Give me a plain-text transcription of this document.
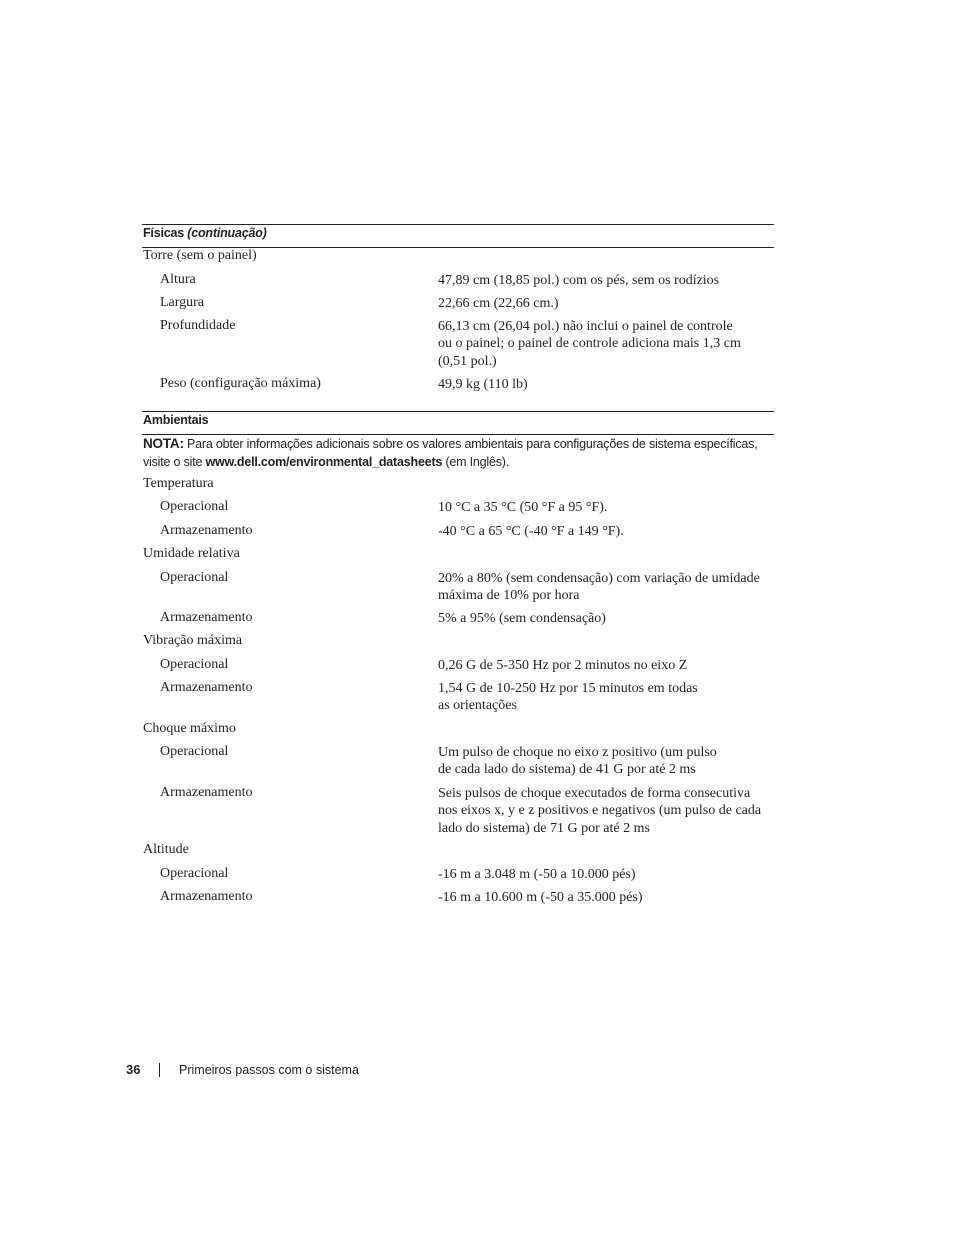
Físicas (continuação)
Torre (sem o painel)
Altura	47,89 cm (18,85 pol.) com os pés, sem os rodízios
Largura	22,66 cm (22,66 cm.)
Profundidade	66,13 cm (26,04 pol.) não inclui o painel de controle
ou o painel; o painel de controle adiciona mais 1,3 cm
(0,51 pol.)
Peso (configuração máxima)	49,9 kg (110 lb)
Ambientais
NOTA: Para obter informações adicionais sobre os valores ambientais para configurações de sistema específicas, visite o site www.dell.com/environmental_datasheets (em Inglês).
Temperatura
Operacional	10 °C a 35 °C (50 °F a 95 °F).
Armazenamento	-40 °C a 65 °C (-40 °F a 149 °F).
Umidade relativa
Operacional	20% a 80% (sem condensação) com variação de umidade
máxima de 10% por hora
Armazenamento	5% a 95% (sem condensação)
Vibração máxima
Operacional	0,26 G de 5-350 Hz por 2 minutos no eixo Z
Armazenamento	1,54 G de 10-250 Hz por 15 minutos em todas
as orientações
Choque máximo
Operacional	Um pulso de choque no eixo z positivo (um pulso
de cada lado do sistema) de 41 G por até 2 ms
Armazenamento	Seis pulsos de choque executados de forma consecutiva
nos eixos x, y e z positivos e negativos (um pulso de cada
lado do sistema) de 71 G por até 2 ms
Altitude
Operacional	-16 m a 3.048 m (-50 a 10.000 pés)
Armazenamento	-16 m a 10.600 m (-50 a 35.000 pés)
36	Primeiros passos com o sistema
